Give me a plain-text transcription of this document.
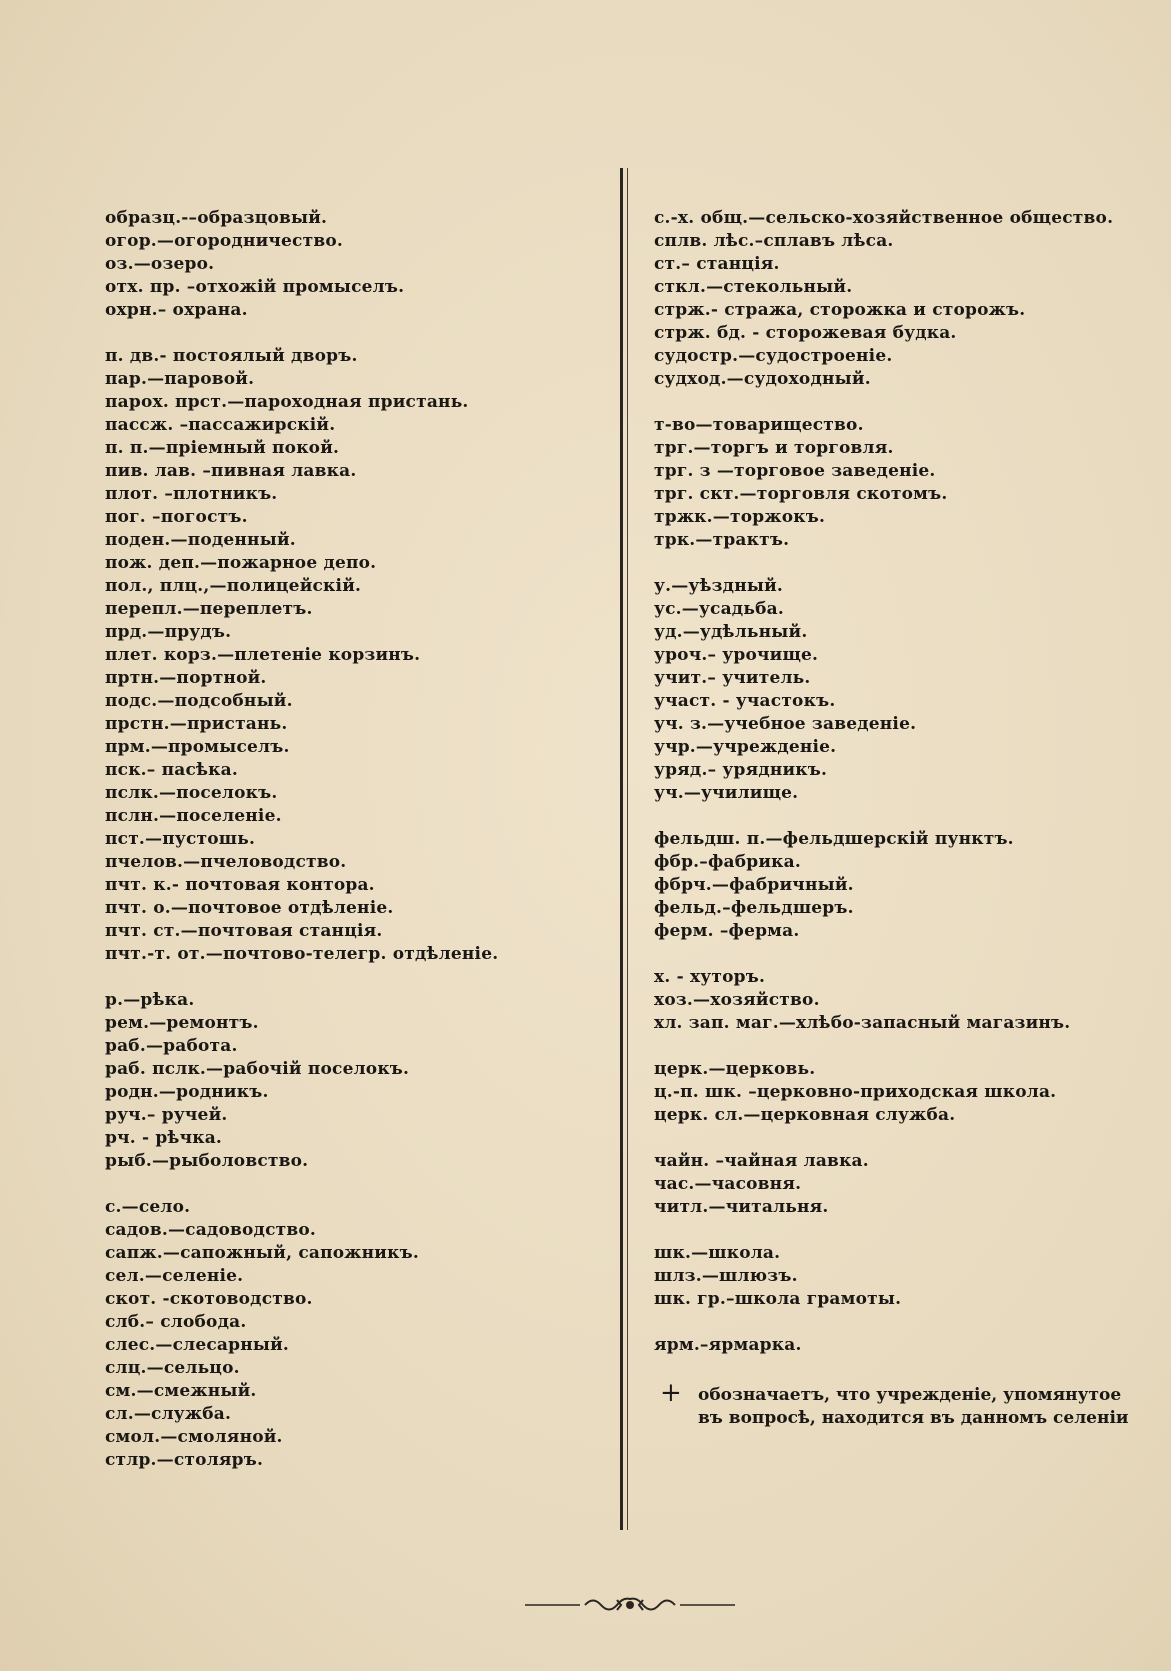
образц.-–образцовый.
огор.—огородничество.
оз.—озеро.
отх. пр. –отхожій промыселъ.
охрн.– охрана.
п. дв.- постоялый дворъ.
пар.—паровой.
парох. прст.—пароходная пристань.
пассж. –пассажирскій.
п. п.—пріемный покой.
пив. лав. –пивная лавка.
плот. –плотникъ.
пог. –погостъ.
поден.—поденный.
пож. деп.—пожарное депо.
пол., плц.,—полицейскій.
перепл.—переплетъ.
прд.—прудъ.
плет. корз.—плетеніе корзинъ.
пртн.—портной.
подс.—подсобный.
прстн.—пристань.
прм.—промыселъ.
пск.– пасѣка.
пслк.—поселокъ.
пслн.—поселеніе.
пст.—пустошь.
пчелов.—пчеловодство.
пчт. к.- почтовая контора.
пчт. о.—почтовое отдѣленіе.
пчт. ст.—почтовая станція.
пчт.-т. от.—почтово-телегр. отдѣленіе.
р.—рѣка.
рем.—ремонтъ.
раб.—работа.
раб. пслк.—рабочій поселокъ.
родн.—родникъ.
руч.– ручей.
рч. - рѣчка.
рыб.—рыболовство.
с.—село.
садов.—садоводство.
сапж.—сапожный, сапожникъ.
сел.—селеніе.
скот. -скотоводство.
слб.– слобода.
слес.—слесарный.
слц.—сельцо.
см.—смежный.
сл.—служба.
смол.—смоляной.
стлр.—столяръ.
с.-х. общ.—сельско-хозяйственное общество.
сплв. лѣс.–сплавъ лѣса.
ст.– станція.
сткл.—стекольный.
стрж.- стража, сторожка и сторожъ.
стрж. бд. - сторожевая будка.
судостр.—судостроеніе.
судход.—судоходный.
т-во—товарищество.
трг.—торгъ и торговля.
трг. з —торговое заведеніе.
трг. скт.—торговля скотомъ.
тржк.—торжокъ.
трк.—трактъ.
у.—уѣздный.
ус.—усадьба.
уд.—удѣльный.
уроч.– урочище.
учит.– учитель.
участ. - участокъ.
уч. з.—учебное заведеніе.
учр.—учрежденіе.
уряд.– урядникъ.
уч.—училище.
фельдш. п.—фельдшерскій пунктъ.
фбр.–фабрика.
фбрч.—фабричный.
фельд.–фельдшеръ.
ферм. –ферма.
х. - хуторъ.
хоз.—хозяйство.
хл. зап. маг.—хлѣбо-запасный магазинъ.
церк.—церковь.
ц.-п. шк. –церковно-приходская школа.
церк. сл.—церковная служба.
чайн. –чайная лавка.
час.—часовня.
читл.—читальня.
шк.—школа.
шлз.—шлюзъ.
шк. гр.–школа грамоты.
ярм.–ярмарка.
+ обозначаетъ, что учрежденіе, упомянутое
въ вопросѣ, находится въ данномъ селеніи
